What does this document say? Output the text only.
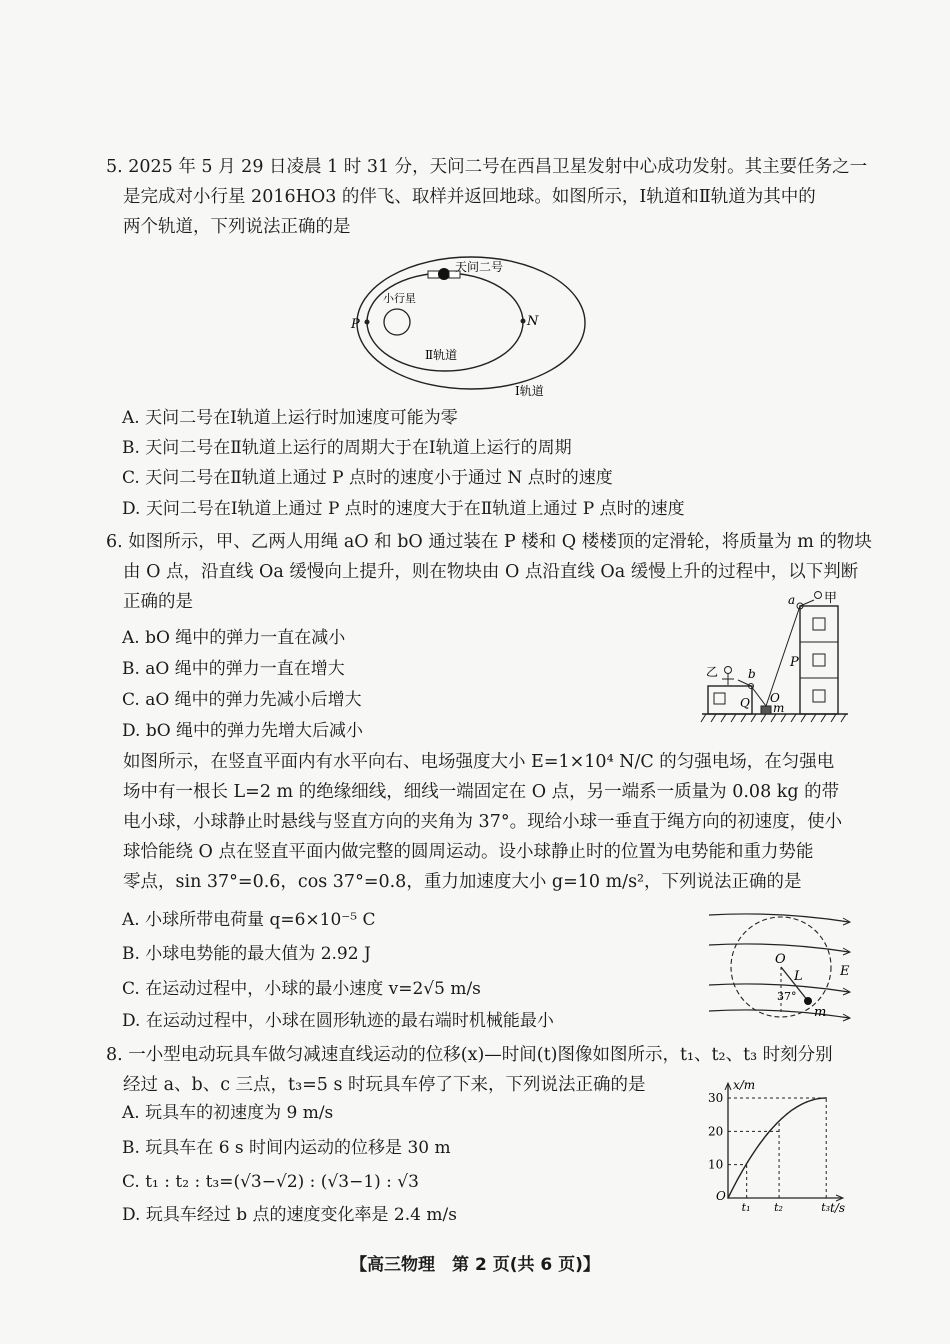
5. 2025 年 5 月 29 日凌晨 1 时 31 分，天问二号在西昌卫星发射中心成功发射。其主要任务之一
是完成对小行星 2016HO3 的伴飞、取样并返回地球。如图所示，Ⅰ轨道和Ⅱ轨道为其中的
两个轨道，下列说法正确的是
天问二号
小行星
P	N
Ⅱ轨道
Ⅰ轨道
A. 天问二号在Ⅰ轨道上运行时加速度可能为零
B. 天问二号在Ⅱ轨道上运行的周期大于在Ⅰ轨道上运行的周期
C. 天问二号在Ⅱ轨道上通过 P 点时的速度小于通过 N 点时的速度
D. 天问二号在Ⅰ轨道上通过 P 点时的速度大于在Ⅱ轨道上通过 P 点时的速度
6. 如图所示，甲、乙两人用绳 aO 和 bO 通过装在 P 楼和 Q 楼楼顶的定滑轮，将质量为 m 的物块
由 O 点，沿直线 Oa 缓慢向上提升，则在物块由 O 点沿直线 Oa 缓慢上升的过程中，以下判断
正确的是
A. bO 绳中的弹力一直在减小
B. aO 绳中的弹力一直在增大
C. aO 绳中的弹力先减小后增大
D. bO 绳中的弹力先增大后减小
a 甲
P
乙 b
Q O
m
如图所示，在竖直平面内有水平向右、电场强度大小 E=1×10⁴ N/C 的匀强电场，在匀强电
场中有一根长 L=2 m 的绝缘细线，细线一端固定在 O 点，另一端系一质量为 0.08 kg 的带
电小球，小球静止时悬线与竖直方向的夹角为 37°。现给小球一垂直于绳方向的初速度，使小
球恰能绕 O 点在竖直平面内做完整的圆周运动。设小球静止时的位置为电势能和重力势能
零点，sin 37°=0.6，cos 37°=0.8，重力加速度大小 g=10 m/s²，下列说法正确的是
A. 小球所带电荷量 q=6×10⁻⁵ C
B. 小球电势能的最大值为 2.92 J
C. 在运动过程中，小球的最小速度 v=2√5 m/s
D. 在运动过程中，小球在圆形轨迹的最右端时机械能最小
O
L
37°
E
m
8. 一小型电动玩具车做匀减速直线运动的位移(x)—时间(t)图像如图所示，t₁、t₂、t₃ 时刻分别
经过 a、b、c 三点，t₃=5 s 时玩具车停了下来，下列说法正确的是
A. 玩具车的初速度为 9 m/s
B. 玩具车在 6 s 时间内运动的位移是 30 m
C. t₁ : t₂ : t₃=(√3−√2) : (√3−1) : √3
D. 玩具车经过 b 点的速度变化率是 2.4 m/s
x/m
t/s
O
10
20
30
t₁ t₂	t₃
【高三物理　第 2 页(共 6 页)】
